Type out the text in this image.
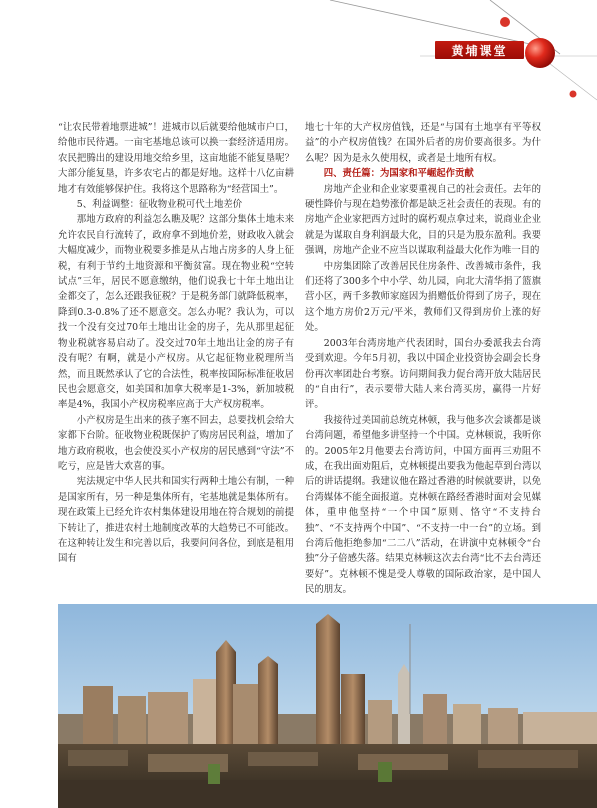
黄埔课堂

“让农民带着地票进城”！进城市以后就要给他城市户口，给他市民待遇。一亩宅基地总该可以换一套经济适用房。农民把腾出的建设用地交给乡里，这亩地能不能复垦呢？大部分能复垦，许多农宅占的都是好地。这样十八亿亩耕地才有效能够保护住。我将这个思路称为“经营国土”。

5、利益调整：征收物业税可代土地差价

那地方政府的利益怎么瞧及呢？这部分集体土地未来允许农民自行流转了，政府拿不到地价差，财政收入就会大幅度减少，而物业税要多推是从占地占房多的人身上征税，有利于节约土地资源和平衡贫富。现在物业税“空转试点”三年，居民不愿意缴纳，他们说我七十年土地出让金都交了，怎么还跟我征税？于是税务部门就降低税率，降到0.3-0.8%了还不愿意交。怎么办呢？我认为，可以找一个没有交过70年土地出让金的房子，先从那里起征物业税就容易启动了。没交过70年土地出让金的房子有没有呢？有啊，就是小产权房。从它起征物业税理所当然，而且既然承认了它的合法性，税率按国际标准征收居民也会愿意交，如美国和加拿大税率是1-3%，新加坡税率是4%，我国小产权房税率应高于大产权房税率。

小产权房是生出来的孩子塞不回去，总要找机会给大家都下台阶。征收物业税既保护了购房居民利益，增加了地方政府税收，也会使没买小产权房的居民感到“守法”不吃亏，应是皆大欢喜的事。

宪法规定中华人民共和国实行两种土地公有制，一种是国家所有，另一种是集体所有，宅基地就是集体所有。现在政策上已经允许农村集体建设用地在符合规划的前提下转让了，推进农村土地制度改革的大趋势已不可能改。在这种转让发生和完善以后，我要问问各位，到底是租用国有

地七十年的大产权房值钱，还是“与国有土地享有平等权益”的小产权房值钱？在国外后者的房价要高很多。为什么呢？因为是永久使用权，或者是土地所有权。

四、责任篇：为国家和平崛起作贡献

房地产企业和企业家要重视自己的社会责任。去年的硬性降价与现在趋势涨价都是缺乏社会责任的表现。有的房地产企业家把西方过时的腐朽观点拿过来，说商业企业就是为谋取自身利润最大化，目的只是为股东盈利。我要强调，房地产企业不应当以谋取利益最大化作为唯一目的

中房集团除了改善居民住房条件、改善城市条件，我们还将了300多个中小学、幼儿园，向北大清华捐了篮旗营小区，两千多教师家庭因为捐赠低价得到了房子，现在这个地方房价2万元/平米，教师们又得到房价上涨的好处。

2003年台湾房地产代表团时，国台办委派我去台湾受到欢迎。今年5月初，我以中国企业投资协会副会长身份再次率团赴台考察。访问期间我力促台湾开放大陆居民的“自由行”，表示要带大陆人来台湾买房，赢得一片好评。

我接待过美国前总统克林顿，我与他多次会谈都是谈台湾问题，希望他多讲坚持一个中国。克林顿说，我听你的。2005年2月他要去台湾访问，中国方面再三劝阻不成，在我出面劝阻后，克林顿提出要我为他起草到台湾以后的讲话提纲。我建议他在路过香港的时候就要讲，以免台湾媒体不能全面报道。克林顿在路经香港时面对会见媒体，重申他坚持“一个中国”原则、恪守“不支持台独”、“不支持两个中国”、“不支持一中一台”的立场。到台湾后他拒绝参加“二二八”活动，在讲演中克林顿令“台独”分子倍感失落。结果克林顿这次去台湾“比不去台湾还要好”。克林顿不愧是受人尊敬的国际政治家，是中国人民的朋友。
